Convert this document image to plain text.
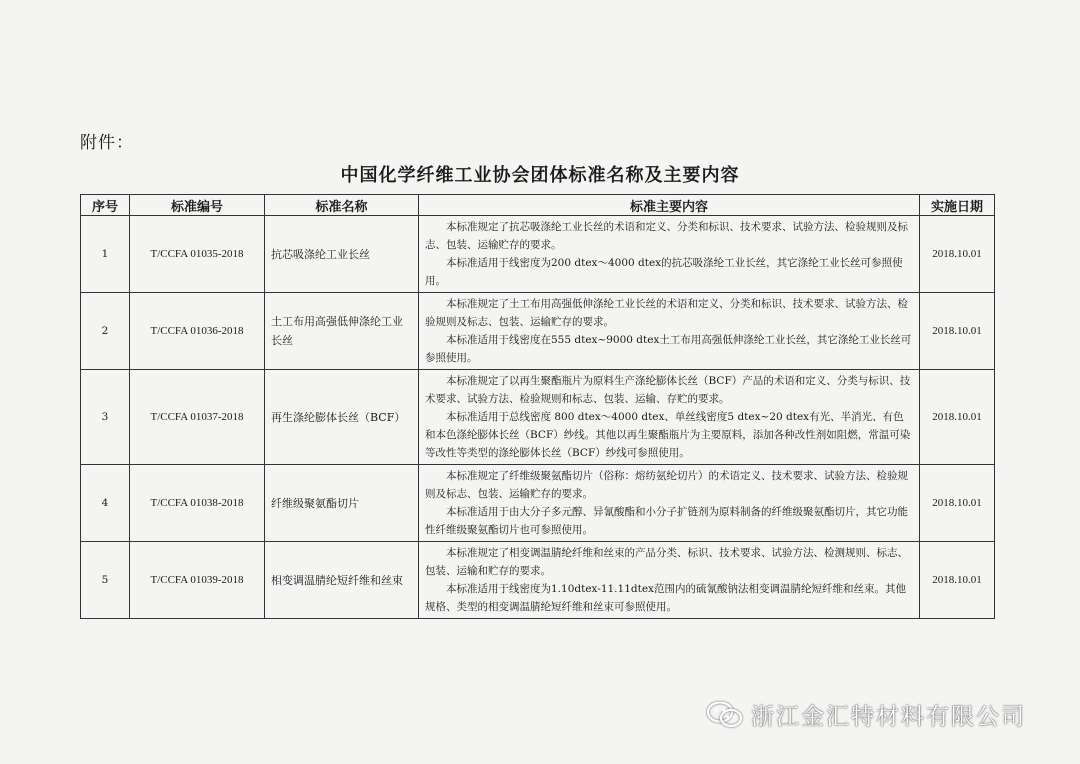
附件：
中国化学纤维工业协会团体标准名称及主要内容
序号	标准编号	标准名称	标准主要内容	实施日期
1	T/CCFA 01035-2018	抗芯吸涤纶工业长丝	本标准规定了抗芯吸涤纶工业长丝的术语和定义、分类和标识、技术要求、试验方法、检验规则及标志、包装、运输贮存的要求。

本标准适用于线密度为200 dtex～4000 dtex的抗芯吸涤纶工业长丝，其它涤纶工业长丝可参照使用。	2018.10.01
2	T/CCFA 01036-2018	土工布用高强低伸涤纶工业长丝	本标准规定了土工布用高强低伸涤纶工业长丝的术语和定义、分类和标识、技术要求、试验方法、检验规则及标志、包装、运输贮存的要求。

本标准适用于线密度在555 dtex~9000 dtex土工布用高强低伸涤纶工业长丝，其它涤纶工业长丝可参照使用。	2018.10.01
3	T/CCFA 01037-2018	再生涤纶膨体长丝（BCF）	本标准规定了以再生聚酯瓶片为原料生产涤纶膨体长丝（BCF）产品的术语和定义、分类与标识、技术要求、试验方法、检验规则和标志、包装、运输、存贮的要求。

本标准适用于总线密度 800 dtex～4000 dtex、单丝线密度5 dtex~20 dtex有光、半消光、有色和本色涤纶膨体长丝（BCF）纱线。其他以再生聚酯瓶片为主要原料，添加各种改性剂如阻燃，常温可染等改性等类型的涤纶膨体长丝（BCF）纱线可参照使用。	2018.10.01
4	T/CCFA 01038-2018	纤维级聚氨酯切片	本标准规定了纤维级聚氨酯切片（俗称：熔纺氨纶切片）的术语定义、技术要求、试验方法、检验规则及标志、包装、运输贮存的要求。

本标准适用于由大分子多元醇、异氰酸酯和小分子扩链剂为原料制备的纤维级聚氨酯切片，其它功能性纤维级聚氨酯切片也可参照使用。	2018.10.01
5	T/CCFA 01039-2018	相变调温腈纶短纤维和丝束	本标准规定了相变调温腈纶纤维和丝束的产品分类、标识、技术要求、试验方法、检测规则、标志、包装、运输和贮存的要求。

本标准适用于线密度为1.10dtex-11.11dtex范围内的硫氰酸钠法相变调温腈纶短纤维和丝束。其他规格、类型的相变调温腈纶短纤维和丝束可参照使用。	2018.10.01
浙江金汇特材料有限公司
